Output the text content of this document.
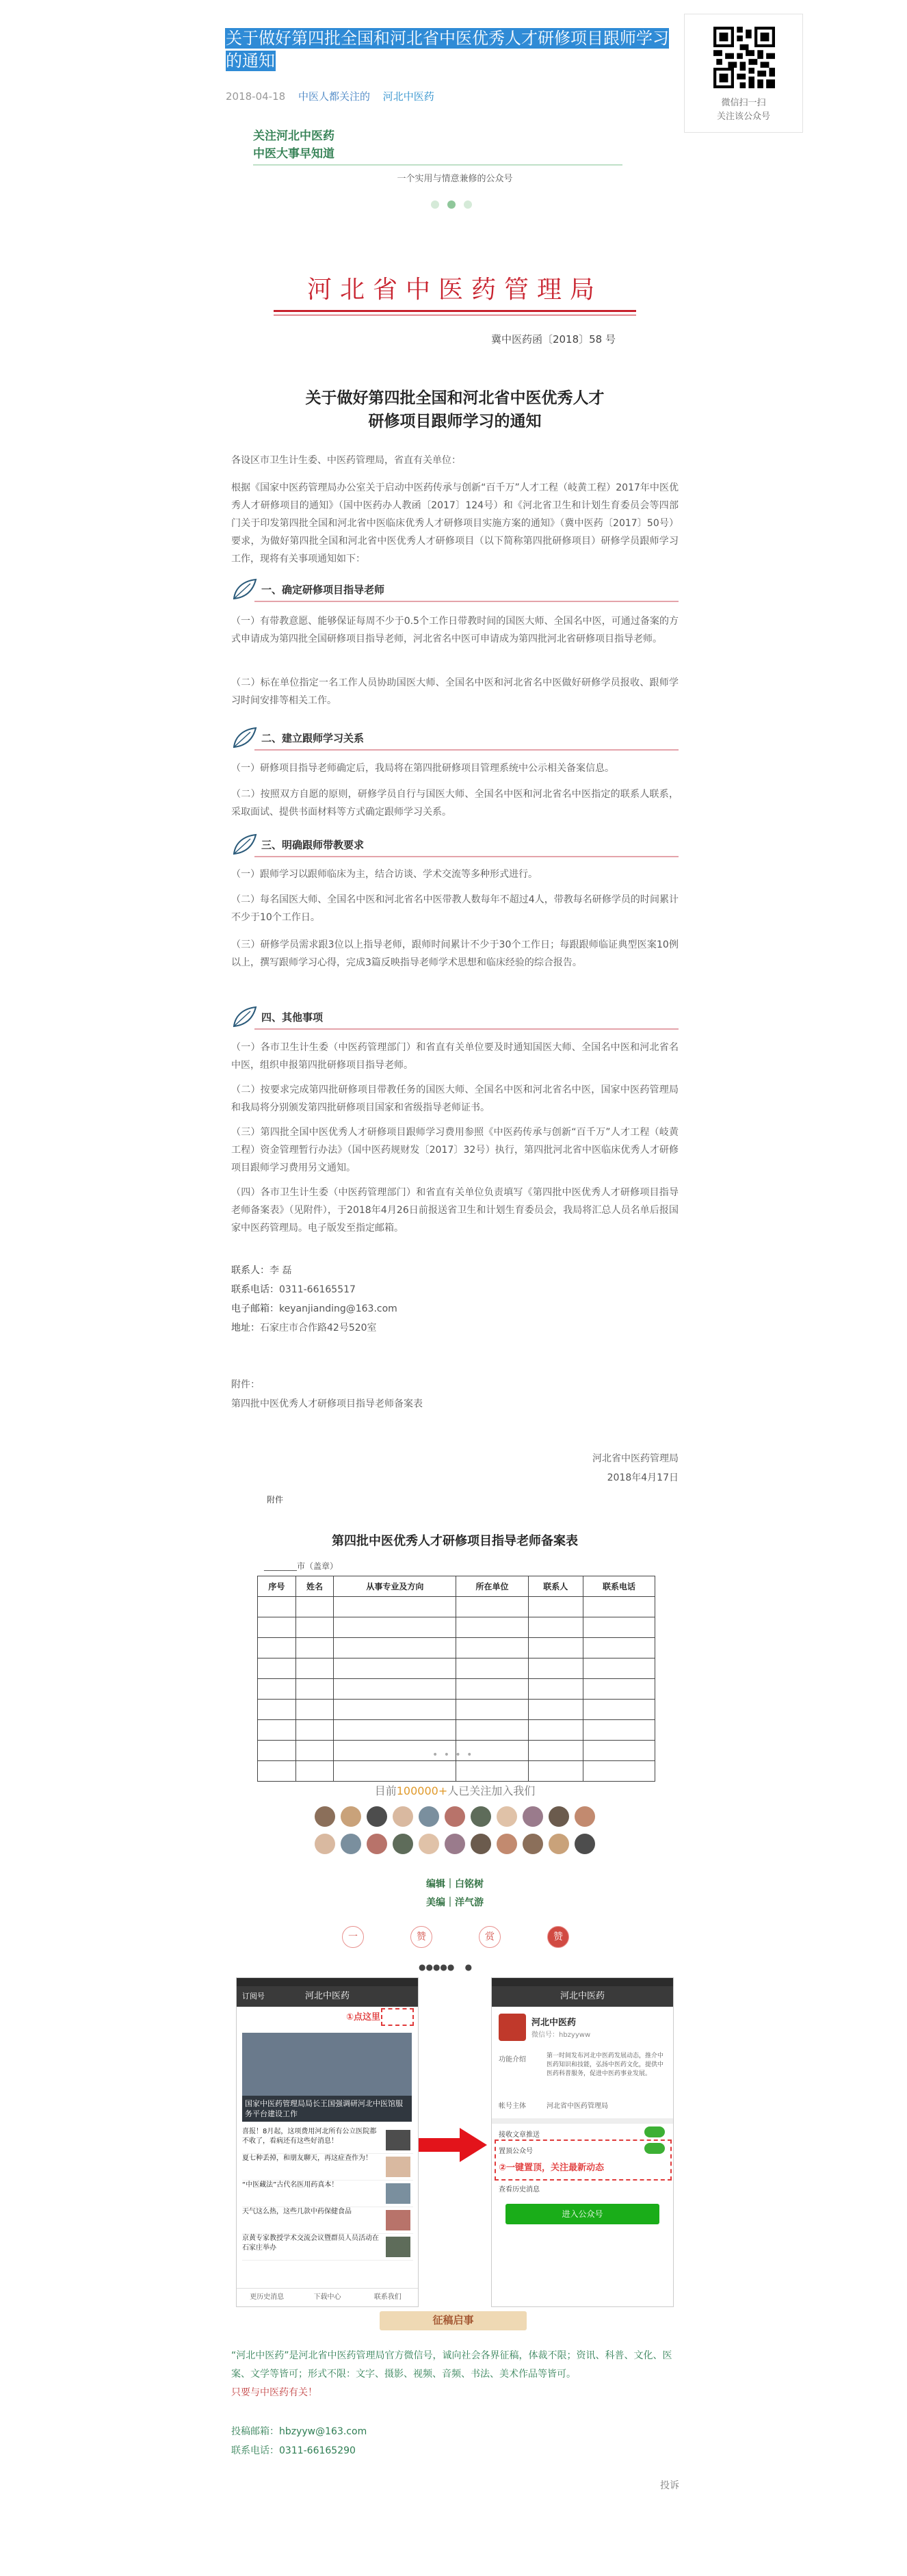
关于做好第四批全国和河北省中医优秀人才研修项目跟师学习的通知
2018-04-18 中医人都关注的 河北中医药
微信扫一扫
关注该公众号
关注河北中医药
中医大事早知道
一个实用与情意兼修的公众号
河北省中医药管理局
冀中医药函〔2018〕58 号
关于做好第四批全国和河北省中医优秀人才
研修项目跟师学习的通知
各设区市卫生计生委、中医药管理局，省直有关单位：
根据《国家中医药管理局办公室关于启动中医药传承与创新“百千万”人才工程（岐黄工程）2017年中医优秀人才研修项目的通知》（国中医药办人教函〔2017〕124号）和《河北省卫生和计划生育委员会等四部门关于印发第四批全国和河北省中医临床优秀人才研修项目实施方案的通知》（冀中医药〔2017〕50号）要求，为做好第四批全国和河北省中医优秀人才研修项目（以下简称第四批研修项目）研修学员跟师学习工作，现将有关事项通知如下：
一、确定研修项目指导老师
（一）有带教意愿、能够保证每周不少于0.5个工作日带教时间的国医大师、全国名中医，可通过备案的方式申请成为第四批全国研修项目指导老师，河北省名中医可申请成为第四批河北省研修项目指导老师。
（二）标在单位指定一名工作人员协助国医大师、全国名中医和河北省名中医做好研修学员报收、跟师学习时间安排等相关工作。
二、建立跟师学习关系
（一）研修项目指导老师确定后，我局将在第四批研修项目管理系统中公示相关备案信息。
（二）按照双方自愿的原则，研修学员自行与国医大师、全国名中医和河北省名中医指定的联系人联系，采取面试、提供书面材料等方式确定跟师学习关系。
三、明确跟师带教要求
（一）跟师学习以跟师临床为主，结合访谈、学术交流等多种形式进行。
（二）每名国医大师、全国名中医和河北省名中医带教人数每年不超过4人，带教每名研修学员的时间累计不少于10个工作日。
（三）研修学员需求跟3位以上指导老师，跟师时间累计不少于30个工作日；每跟跟师临证典型医案10例以上，撰写跟师学习心得，完成3篇反映指导老师学术思想和临床经验的综合报告。
四、其他事项
（一）各市卫生计生委（中医药管理部门）和省直有关单位要及时通知国医大师、全国名中医和河北省名中医，组织申报第四批研修项目指导老师。
（二）按要求完成第四批研修项目带教任务的国医大师、全国名中医和河北省名中医，国家中医药管理局和我局将分别颁发第四批研修项目国家和省级指导老师证书。
（三）第四批全国中医优秀人才研修项目跟师学习费用参照《中医药传承与创新“百千万”人才工程（岐黄工程）资金管理暂行办法》（国中医药规财发〔2017〕32号）执行，第四批河北省中医临床优秀人才研修项目跟师学习费用另文通知。
（四）各市卫生计生委（中医药管理部门）和省直有关单位负责填写《第四批中医优秀人才研修项目指导老师备案表》（见附件），于2018年4月26日前报送省卫生和计划生育委员会，我局将汇总人员名单后报国家中医药管理局。电子版发至指定邮箱。
联系人：李 磊
联系电话：0311-66165517
电子邮箱：keyanjianding@163.com
地址：石家庄市合作路42号520室
附件：
第四批中医优秀人才研修项目指导老师备案表
河北省中医药管理局
2018年4月17日
附件
第四批中医优秀人才研修项目指导老师备案表
________市（盖章）
序号	姓名	从事专业及方向	所在单位	联系人	联系电话

• • • •
目前100000+人已关注加入我们
编辑｜白铭树
美编｜洋气游
一	赞	赏	赞
●●●●●    ●
订阅号	河北中医药
①点这里
国家中医药管理局局长王国强调研河北中医馆服务平台建设工作
喜报！8月起，这项费用河北所有公立医院都不收了，看病还有这些好消息！
夏七种丢掉，和朋友聊天，再这症查作为！
“中医藏法”古代名医用药真本！
天气这么热，这些几款中药保健食品
京黄专家教授学术交流会议暨群员人员活动在石家庄举办
更历史消息	下载中心	联系我们
河北中医药
河北中医药
微信号：hbzyyww
功能介绍	第一时间发布河北中医药发展动态，推介中医药知识和技能，弘扬中医药文化，提供中医药科普服务，促进中医药事业发展。
帐号主体	河北省中医药管理局
接收文章推送
置顶公众号
②一键置顶，关注最新动态
查看历史消息
进入公众号
征稿启事
“河北中医药”是河北省中医药管理局官方微信号，诚向社会各界征稿，体裁不限；资讯、科普、文化、医案、文学等皆可；形式不限：文字、摄影、视频、音频、书法、美术作品等皆可。
只要与中医药有关！
投稿邮箱：hbzyyw@163.com
联系电话：0311-66165290
投诉
